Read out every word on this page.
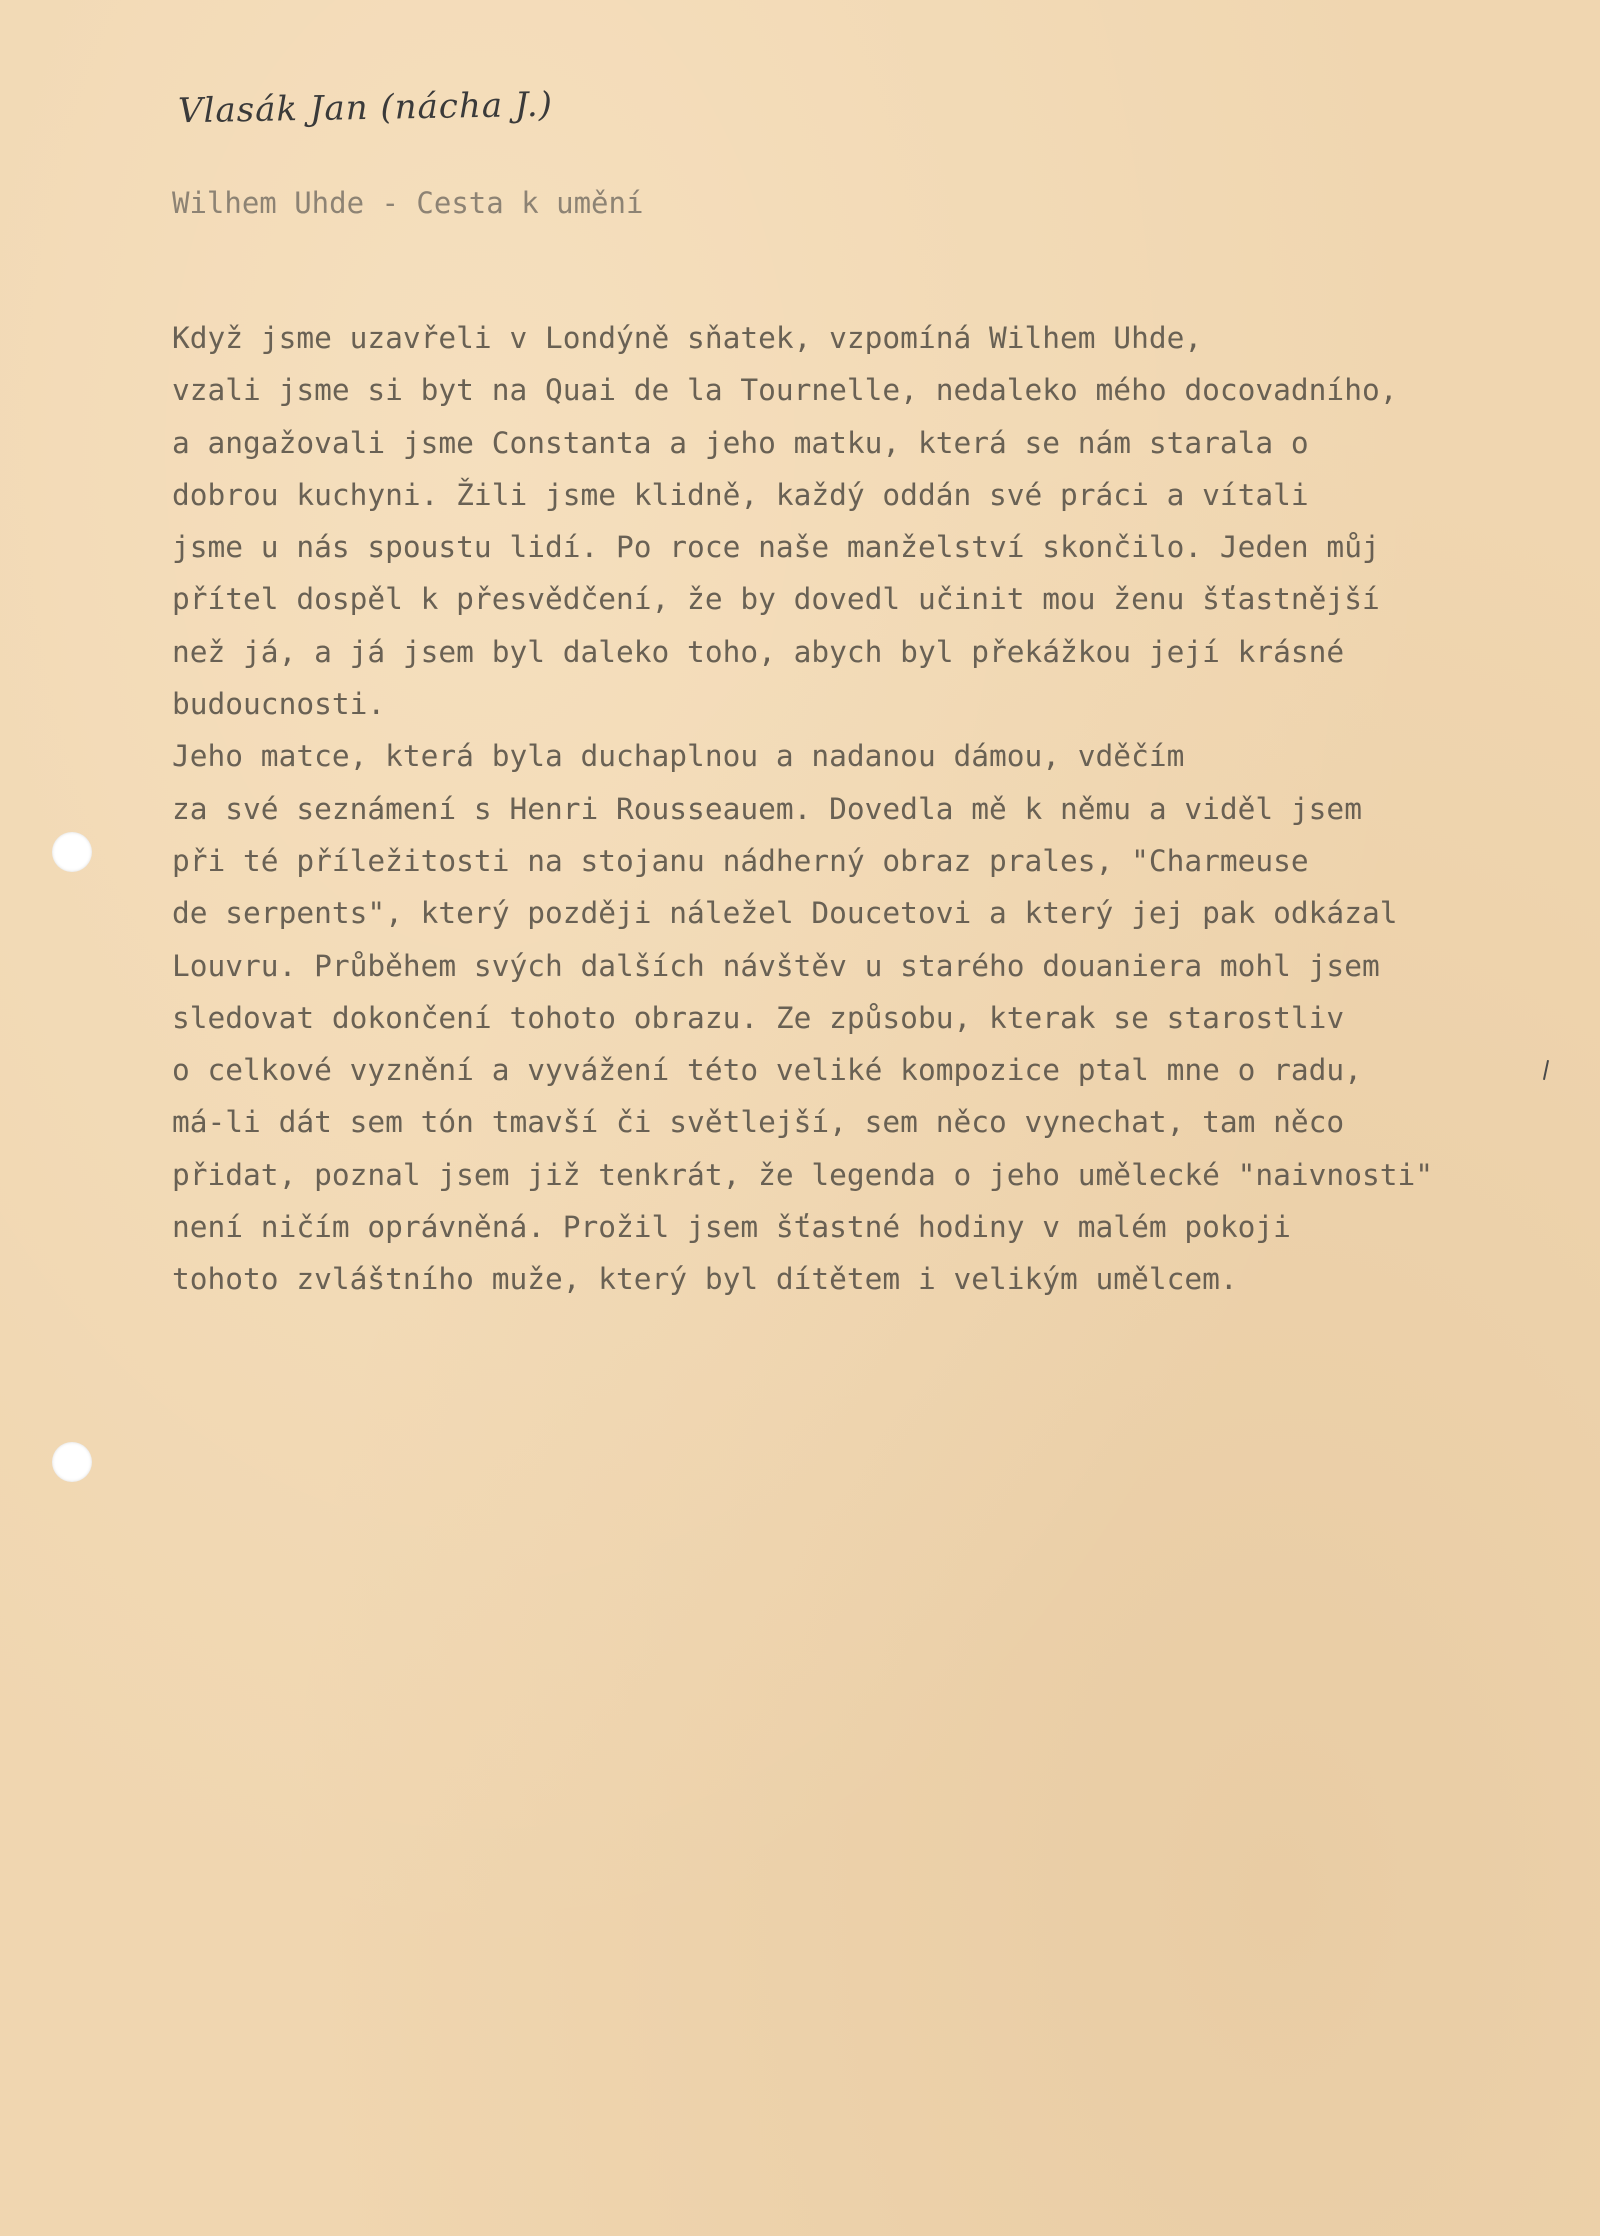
Vlasák Jan (nácha J.)
Wilhem Uhde - Cesta k umění
Když jsme uzavřeli v Londýně sňatek, vzpomíná Wilhem Uhde,
vzali jsme si byt na Quai de la Tournelle, nedaleko mého docovadního,
a angažovali jsme Constanta a jeho matku, která se nám starala o
dobrou kuchyni. Žili jsme klidně, každý oddán své práci a vítali
jsme u nás spoustu lidí. Po roce naše manželství skončilo. Jeden můj
přítel dospěl k přesvědčení, že by dovedl učinit mou ženu šťastnější
než já, a já jsem byl daleko toho, abych byl překážkou její krásné
budoucnosti.
Jeho matce, která byla duchaplnou a nadanou dámou, vděčím
za své seznámení s Henri Rousseauem. Dovedla mě k němu a viděl jsem
při té příležitosti na stojanu nádherný obraz prales, "Charmeuse
de serpents", který později náležel Doucetovi a který jej pak odkázal
Louvru. Průběhem svých dalších návštěv u starého douaniera mohl jsem
sledovat dokončení tohoto obrazu. Ze způsobu, kterak se starostliv
o celkové vyznění a vyvážení této veliké kompozice ptal mne o radu,
má-li dát sem tón tmavší či světlejší, sem něco vynechat, tam něco
přidat, poznal jsem již tenkrát, že legenda o jeho umělecké "naivnosti"
není ničím oprávněná. Prožil jsem šťastné hodiny v malém pokoji
tohoto zvláštního muže, který byl dítětem i velikým umělcem.
